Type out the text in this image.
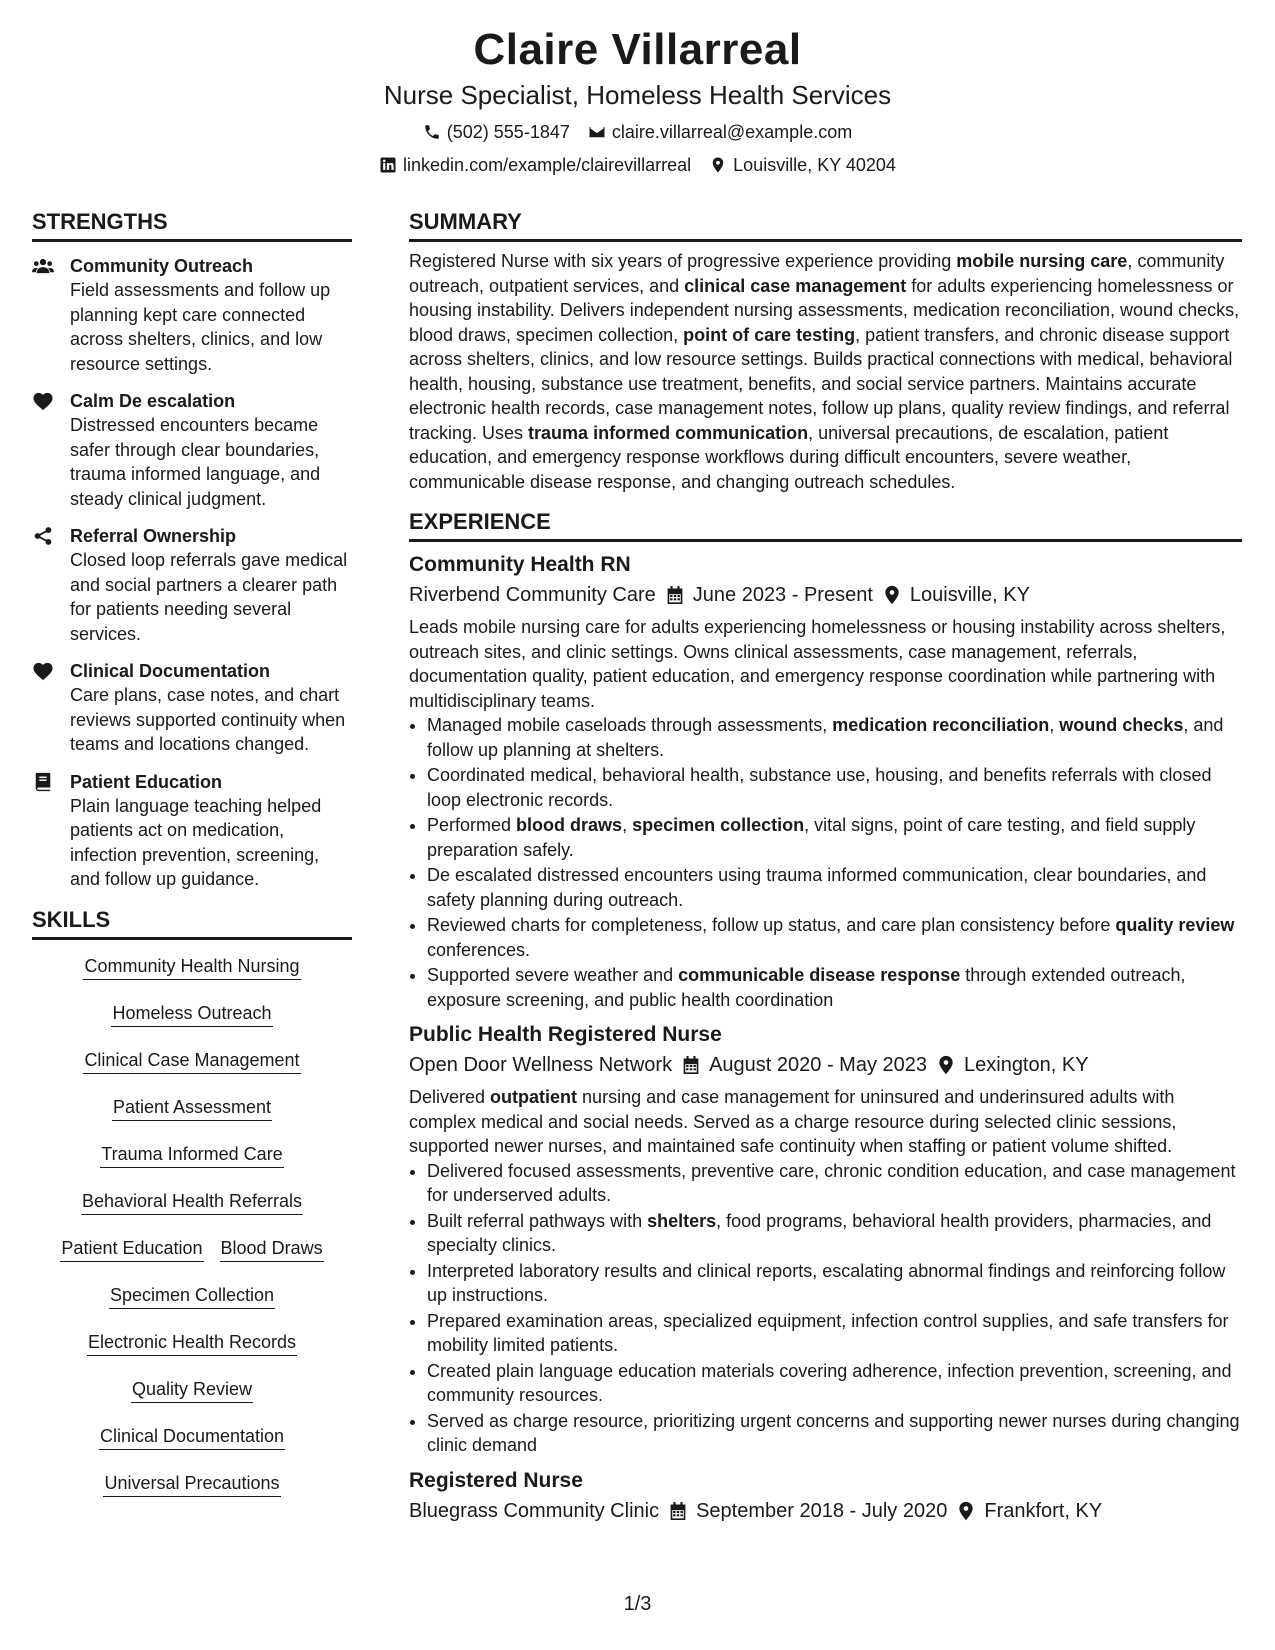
Claire Villarreal
Nurse Specialist, Homeless Health Services
(502) 555-1847 claire.villarreal@example.com
linkedin.com/example/clairevillarreal Louisville, KY 40204
STRENGTHS
Community Outreach
Field assessments and follow up planning kept care connected across shelters, clinics, and low resource settings.
Calm De escalation
Distressed encounters became safer through clear boundaries, trauma informed language, and steady clinical judgment.
Referral Ownership
Closed loop referrals gave medical and social partners a clearer path for patients needing several services.
Clinical Documentation
Care plans, case notes, and chart reviews supported continuity when teams and locations changed.
Patient Education
Plain language teaching helped patients act on medication, infection prevention, screening, and follow up guidance.
SKILLS
Community Health Nursing
Homeless Outreach
Clinical Case Management
Patient Assessment
Trauma Informed Care
Behavioral Health Referrals
Patient Education Blood Draws
Specimen Collection
Electronic Health Records
Quality Review
Clinical Documentation
Universal Precautions
SUMMARY

Registered Nurse with six years of progressive experience providing mobile nursing care, community outreach, outpatient services, and clinical case management for adults experiencing homelessness or housing instability. Delivers independent nursing assessments, medication reconciliation, wound checks, blood draws, specimen collection, point of care testing, patient transfers, and chronic disease support across shelters, clinics, and low resource settings. Builds practical connections with medical, behavioral health, housing, substance use treatment, benefits, and social service partners. Maintains accurate electronic health records, case management notes, follow up plans, quality review findings, and referral tracking. Uses trauma informed communication, universal precautions, de escalation, patient education, and emergency response workflows during difficult encounters, severe weather, communicable disease response, and changing outreach schedules.

EXPERIENCE
Community Health RN
Riverbend Community Care June 2023 - Present Louisville, KY

Leads mobile nursing care for adults experiencing homelessness or housing instability across shelters, outreach sites, and clinic settings. Owns clinical assessments, case management, referrals, documentation quality, patient education, and emergency response coordination while partnering with multidisciplinary teams.

• Managed mobile caseloads through assessments, medication reconciliation, wound checks, and follow up planning at shelters.
• Coordinated medical, behavioral health, substance use, housing, and benefits referrals with closed loop electronic records.
• Performed blood draws, specimen collection, vital signs, point of care testing, and field supply preparation safely.
• De escalated distressed encounters using trauma informed communication, clear boundaries, and safety planning during outreach.
• Reviewed charts for completeness, follow up status, and care plan consistency before quality review conferences.
• Supported severe weather and communicable disease response through extended outreach, exposure screening, and public health coordination
Public Health Registered Nurse
Open Door Wellness Network August 2020 - May 2023 Lexington, KY

Delivered outpatient nursing and case management for uninsured and underinsured adults with complex medical and social needs. Served as a charge resource during selected clinic sessions, supported newer nurses, and maintained safe continuity when staffing or patient volume shifted.

• Delivered focused assessments, preventive care, chronic condition education, and case management for underserved adults.
• Built referral pathways with shelters, food programs, behavioral health providers, pharmacies, and specialty clinics.
• Interpreted laboratory results and clinical reports, escalating abnormal findings and reinforcing follow up instructions.
• Prepared examination areas, specialized equipment, infection control supplies, and safe transfers for mobility limited patients.
• Created plain language education materials covering adherence, infection prevention, screening, and community resources.
• Served as charge resource, prioritizing urgent concerns and supporting newer nurses during changing clinic demand
Registered Nurse
Bluegrass Community Clinic September 2018 - July 2020 Frankfort, KY
1/3
